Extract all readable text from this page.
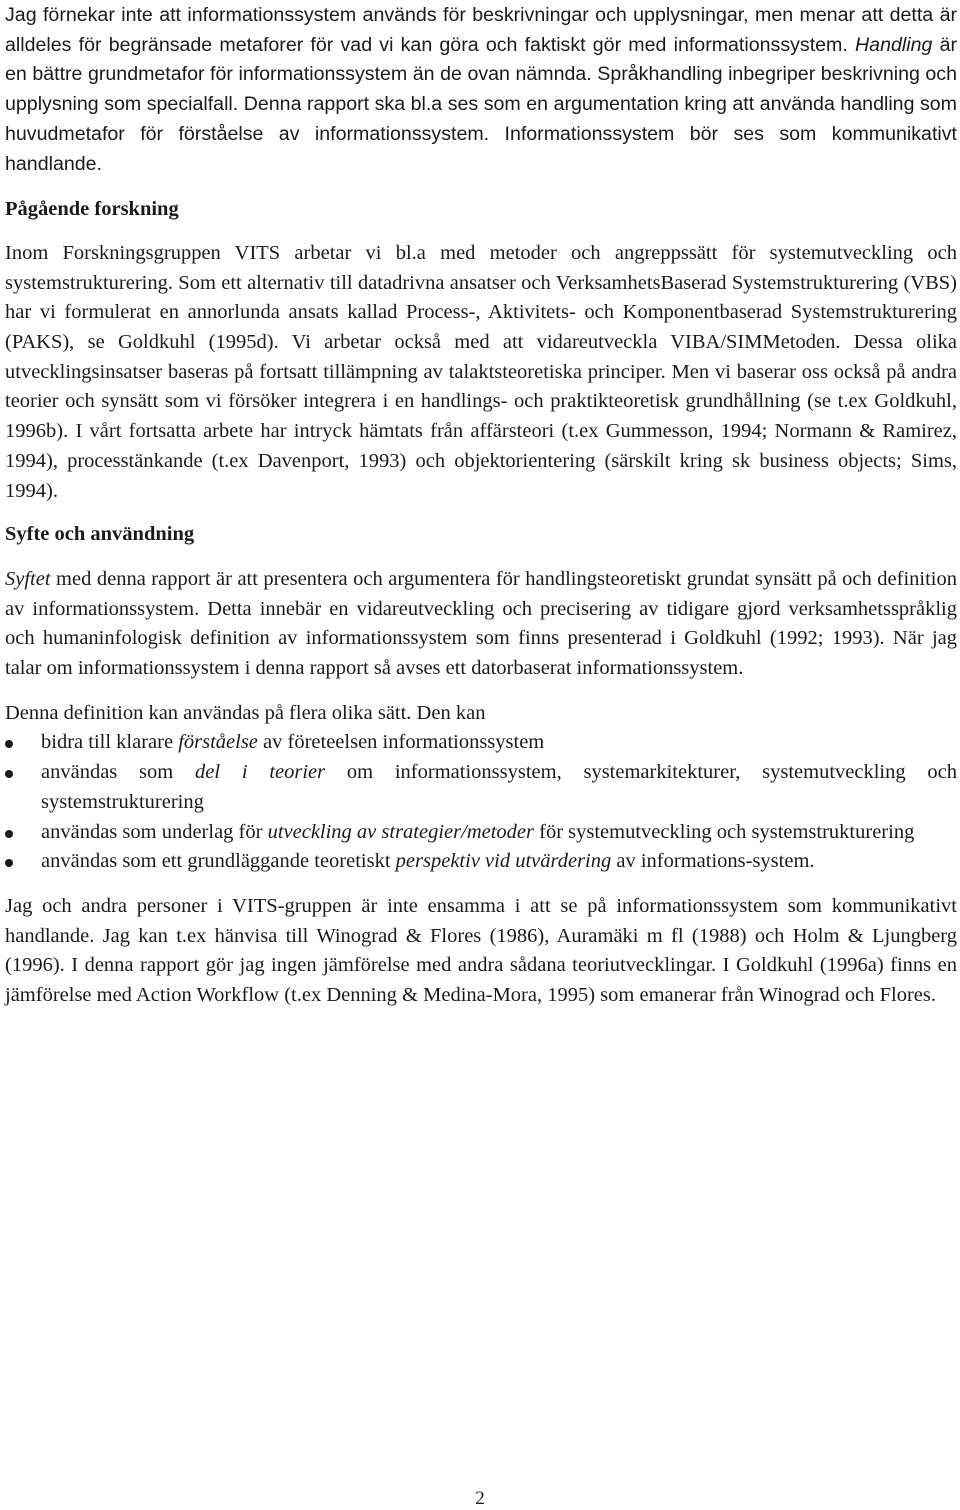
Jag förnekar inte att informationssystem används för beskrivningar och upplysningar, men menar att detta är alldeles för begränsade metaforer för vad vi kan göra och faktiskt gör med informationssystem. Handling är en bättre grundmetafor för informationssystem än de ovan nämnda. Språkhandling inbegriper beskrivning och upplysning som specialfall. Denna rapport ska bl.a ses som en argumentation kring att använda handling som huvudmetafor för förståelse av informationssystem. Informationssystem bör ses som kommunikativt handlande.

Pågående forskning

Inom Forskningsgruppen VITS arbetar vi bl.a med metoder och angreppssätt för systemutveckling och systemstrukturering. Som ett alternativ till datadrivna ansatser och VerksamhetsBaserad Systemstrukturering (VBS) har vi formulerat en annorlunda ansats kallad Process-, Aktivitets- och Komponentbaserad Systemstrukturering (PAKS), se Goldkuhl (1995d). Vi arbetar också med att vidareutveckla VIBA/SIMMetoden. Dessa olika utvecklingsinsatser baseras på fortsatt tillämpning av talaktsteoretiska principer. Men vi baserar oss också på andra teorier och synsätt som vi försöker integrera i en handlings- och praktikteoretisk grundhållning (se t.ex Goldkuhl, 1996b). I vårt fortsatta arbete har intryck hämtats från affärsteori (t.ex Gummesson, 1994; Normann & Ramirez, 1994), processtänkande (t.ex Davenport, 1993) och objektorientering (särskilt kring sk business objects; Sims, 1994).

Syfte och användning

Syftet med denna rapport är att presentera och argumentera för handlingsteoretiskt grundat synsätt på och definition av informationssystem. Detta innebär en vidareutveckling och precisering av tidigare gjord verksamhetsspråklig och humaninfologisk definition av informationssystem som finns presenterad i Goldkuhl (1992; 1993). När jag talar om informationssystem i denna rapport så avses ett datorbaserat informationssystem.

Denna definition kan användas på flera olika sätt. Den kan

bidra till klarare förståelse av företeelsen informationssystem
användas som del i teorier om informationssystem, systemarkitekturer, systemutveckling och systemstrukturering
användas som underlag för utveckling av strategier/metoder för systemutveckling och systemstrukturering
användas som ett grundläggande teoretiskt perspektiv vid utvärdering av informations-system.

Jag och andra personer i VITS-gruppen är inte ensamma i att se på informationssystem som kommunikativt handlande. Jag kan t.ex hänvisa till Winograd & Flores (1986), Auramäki m fl (1988) och Holm & Ljungberg (1996). I denna rapport gör jag ingen jämförelse med andra sådana teoriutvecklingar. I Goldkuhl (1996a) finns en jämförelse med Action Workflow (t.ex Denning & Medina-Mora, 1995) som emanerar från Winograd och Flores.

2
